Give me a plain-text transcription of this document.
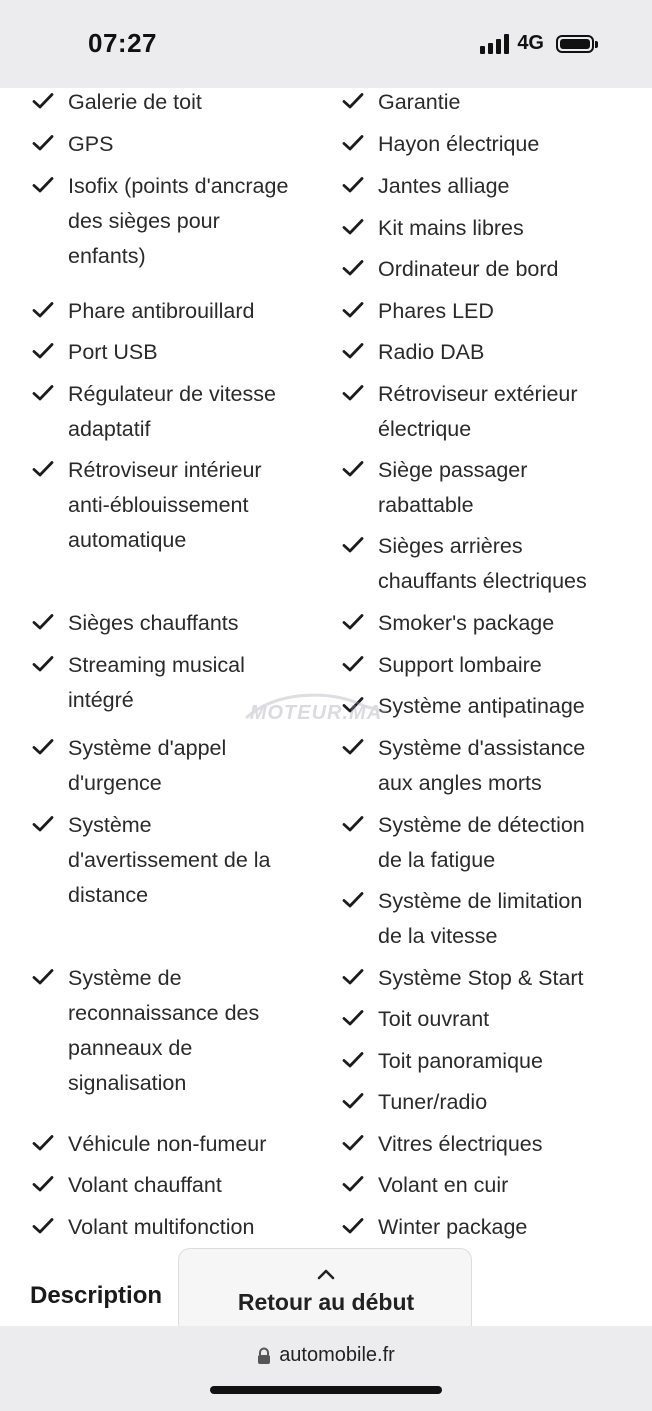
07:27	4G
Galerie de toit
GPS
Isofix (points d'ancrage
des sièges pour
enfants)
Phare antibrouillard
Port USB
Régulateur de vitesse
adaptatif
Rétroviseur intérieur
anti-éblouissement
automatique
Sièges chauffants
Streaming musical
intégré
Système d'appel
d'urgence
Système
d'avertissement de la
distance
Système de
reconnaissance des
panneaux de
signalisation
Véhicule non-fumeur
Volant chauffant
Volant multifonction
Garantie
Hayon électrique
Jantes alliage
Kit mains libres
Ordinateur de bord
Phares LED
Radio DAB
Rétroviseur extérieur
électrique
Siège passager
rabattable
Sièges arrières
chauffants électriques
Smoker's package
Support lombaire
Système antipatinage
Système d'assistance
aux angles morts
Système de détection
de la fatigue
Système de limitation
de la vitesse
Système Stop & Start
Toit ouvrant
Toit panoramique
Tuner/radio
Vitres électriques
Volant en cuir
Winter package
MOTEUR.MA
Description	Retour au début
automobile.fr
